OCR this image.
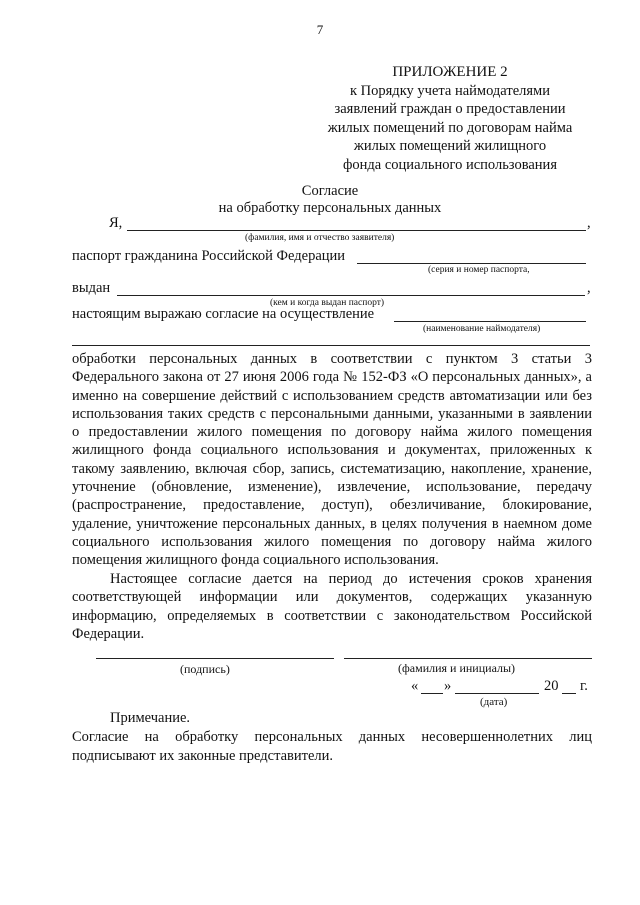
7
ПРИЛОЖЕНИЕ 2
к Порядку учета наймодателями
заявлений граждан о предоставлении
жилых помещений по договорам найма
жилых помещений жилищного
фонда социального использования
Согласие
на обработку персональных данных
Я,	,
(фамилия, имя и отчество заявителя)
паспорт гражданина Российской Федерации
(серия и номер паспорта,
выдан	,
(кем и когда выдан паспорт)
настоящим выражаю согласие на осуществление
(наименование наймодателя)
обработки персональных данных в соответствии с пунктом 3 статьи 3 Федерального закона от 27 июня 2006 года № 152-ФЗ «О персональных данных», а именно на совершение действий с использованием средств автоматизации или без использования таких средств с персональными данными, указанными в заявлении о предоставлении жилого помещения по договору найма жилого помещения жилищного фонда социального использования и документах, приложенных к такому заявлению, включая сбор, запись, систематизацию, накопление, хранение, уточнение (обновление, изменение), извлечение, использование, передачу (распространение, предоставление, доступ), обезличивание, блокирование, удаление, уничтожение персональных данных, в целях получения в наемном доме социального использования жилого помещения по договору найма жилого помещения жилищного фонда социального использования.
Настоящее согласие дается на период до истечения сроков хранения соответствующей информации или документов, содержащих указанную информацию, определяемых в соответствии с законодательством Российской Федерации.
(подпись)	(фамилия и инициалы)
« »	20 г.
(дата)
Примечание.
Согласие на обработку персональных данных несовершеннолетних лиц подписывают их законные представители.
